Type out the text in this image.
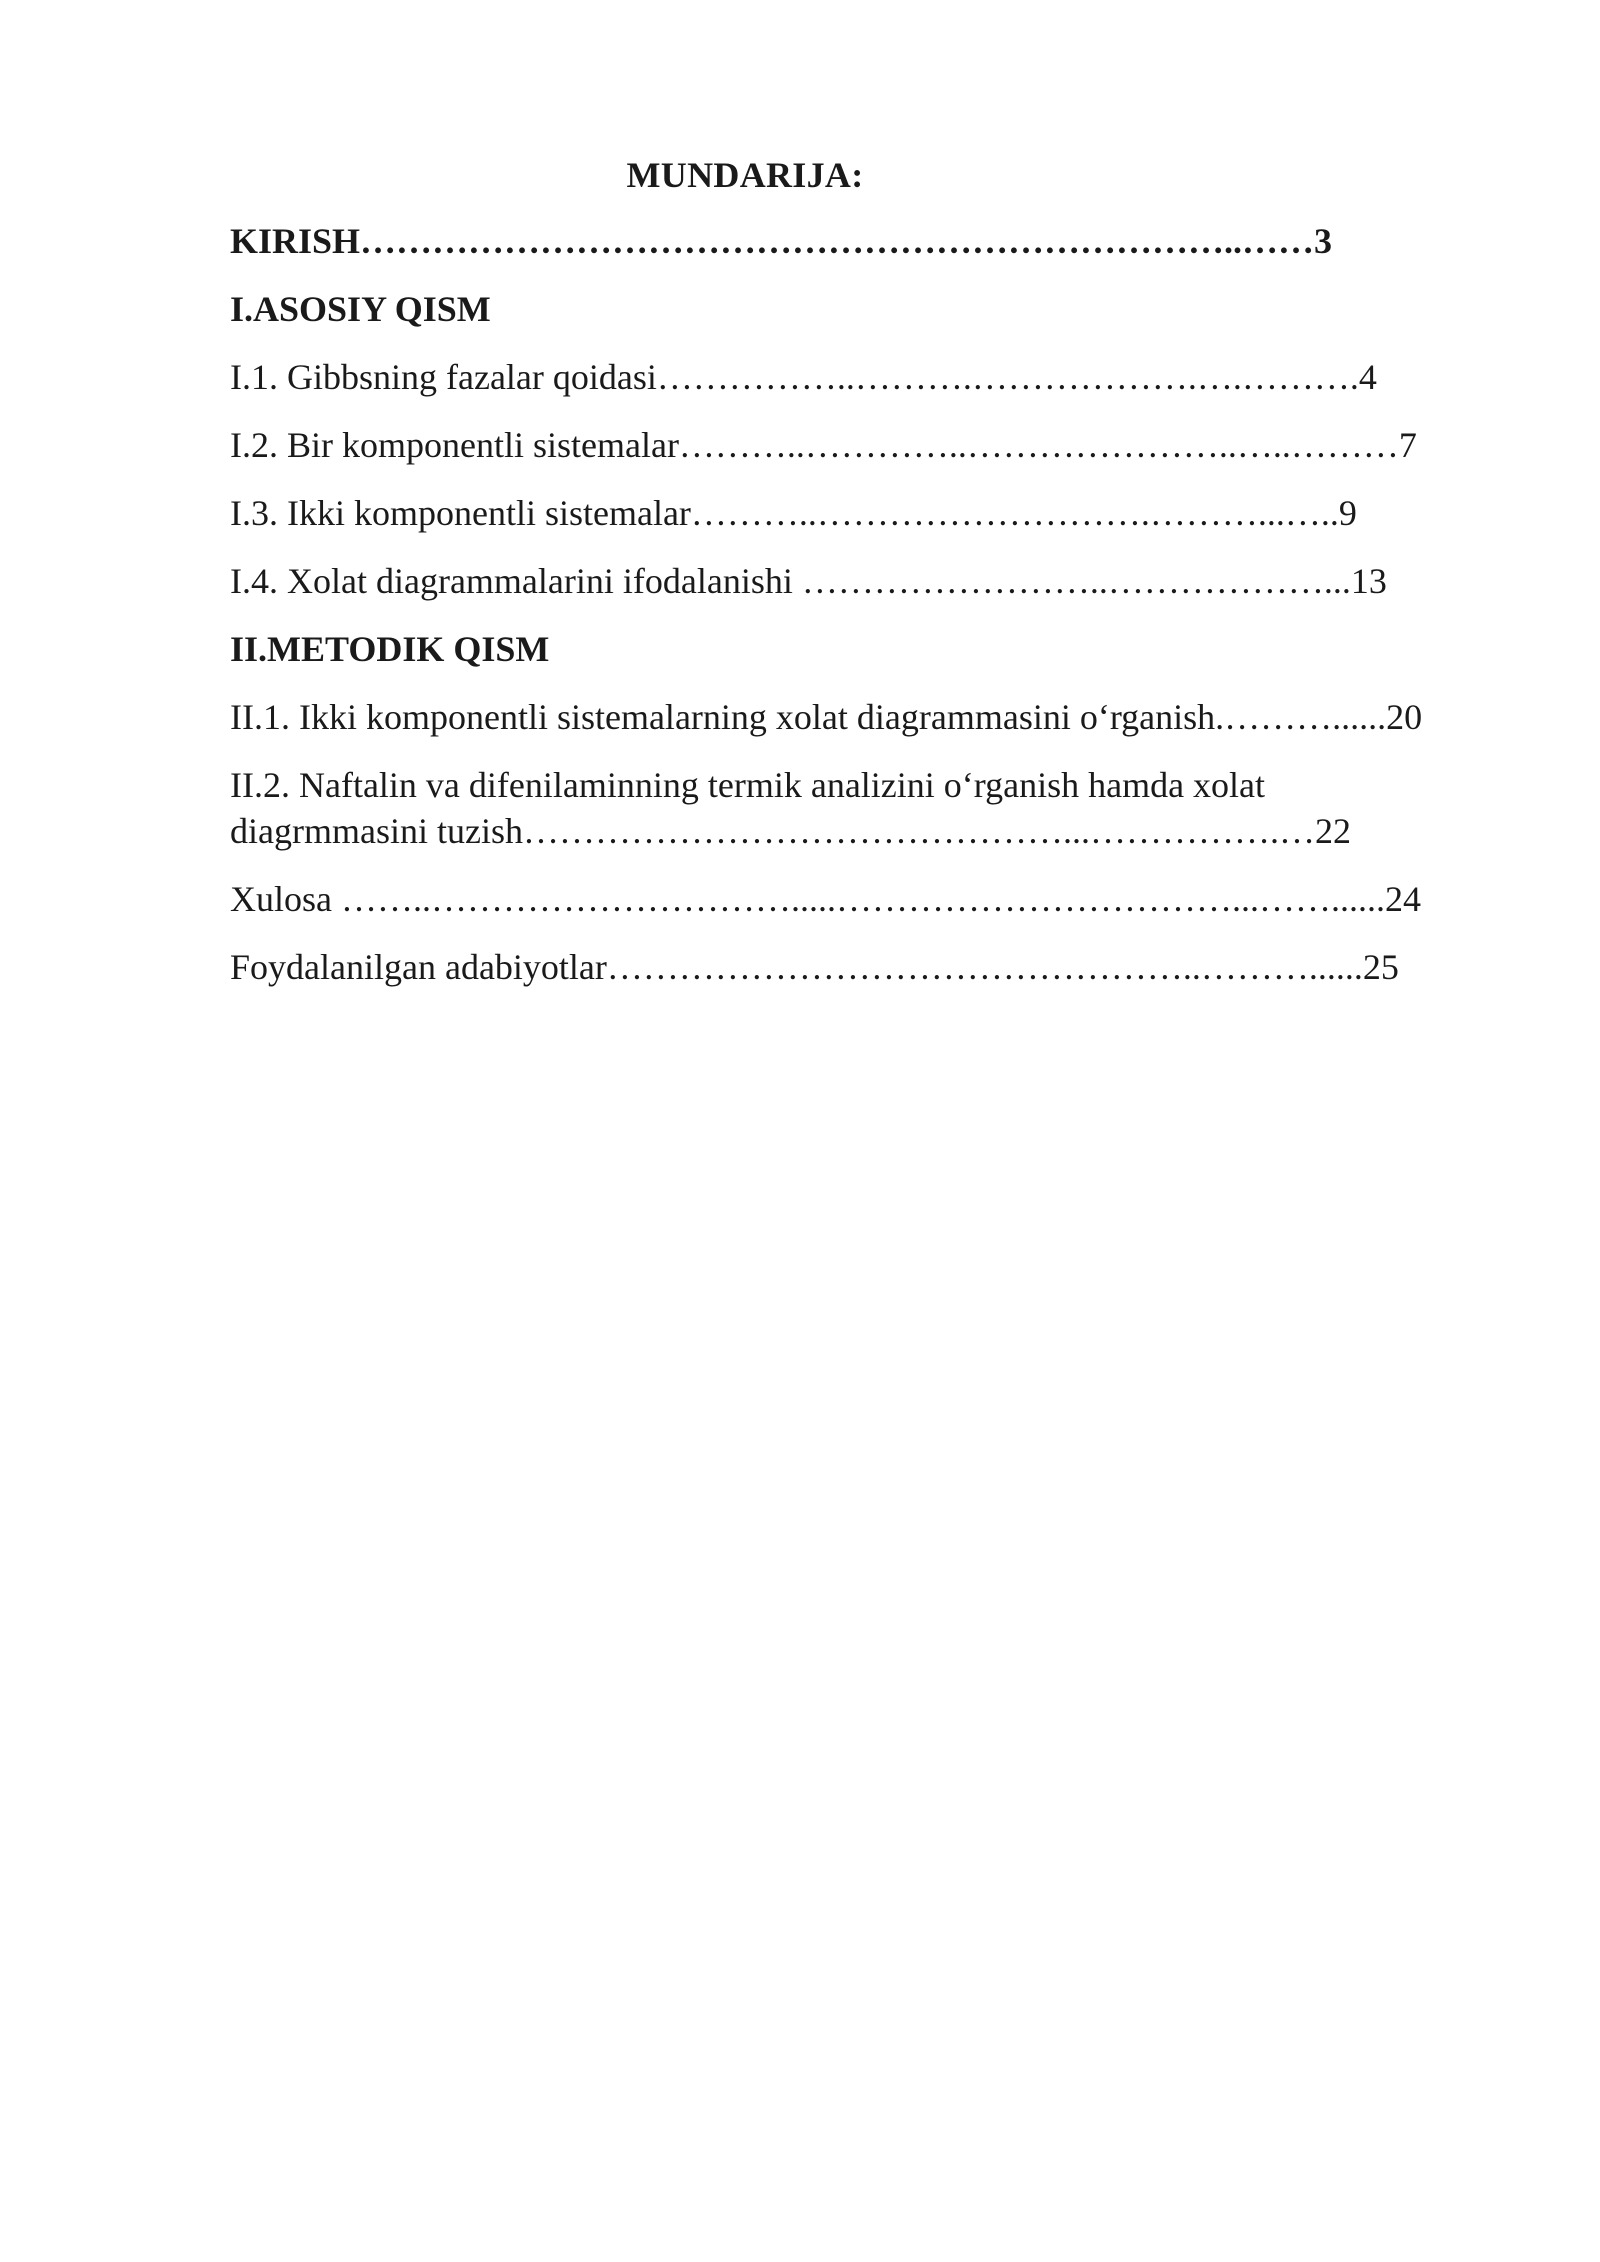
MUNDARIJA:
KIRISH………………………………………………………………..……3
I.ASOSIY QISM
I.1. Gibbsning fazalar qoidasi……………..……….……………….….……….4
I.2. Bir komponentli sistemalar………..…………..…………………..…..………7
I.3. Ikki komponentli sistemalar………..……………………….………...…..9
I.4. Xolat diagrammalarini ifodalanishi ……………………..………………...13
II.METODIK QISM
II.1. Ikki komponentli sistemalarning xolat diagrammasini o‘rganish.………......20
II.2. Naftalin va difenilaminning termik analizini o‘rganish hamda xolat
diagrmmasini tuzish………………………………………...…………….…22
Xulosa ……..………………………….....……………………………...……......24
Foydalanilgan adabiyotlar…………………………………………..………......25
